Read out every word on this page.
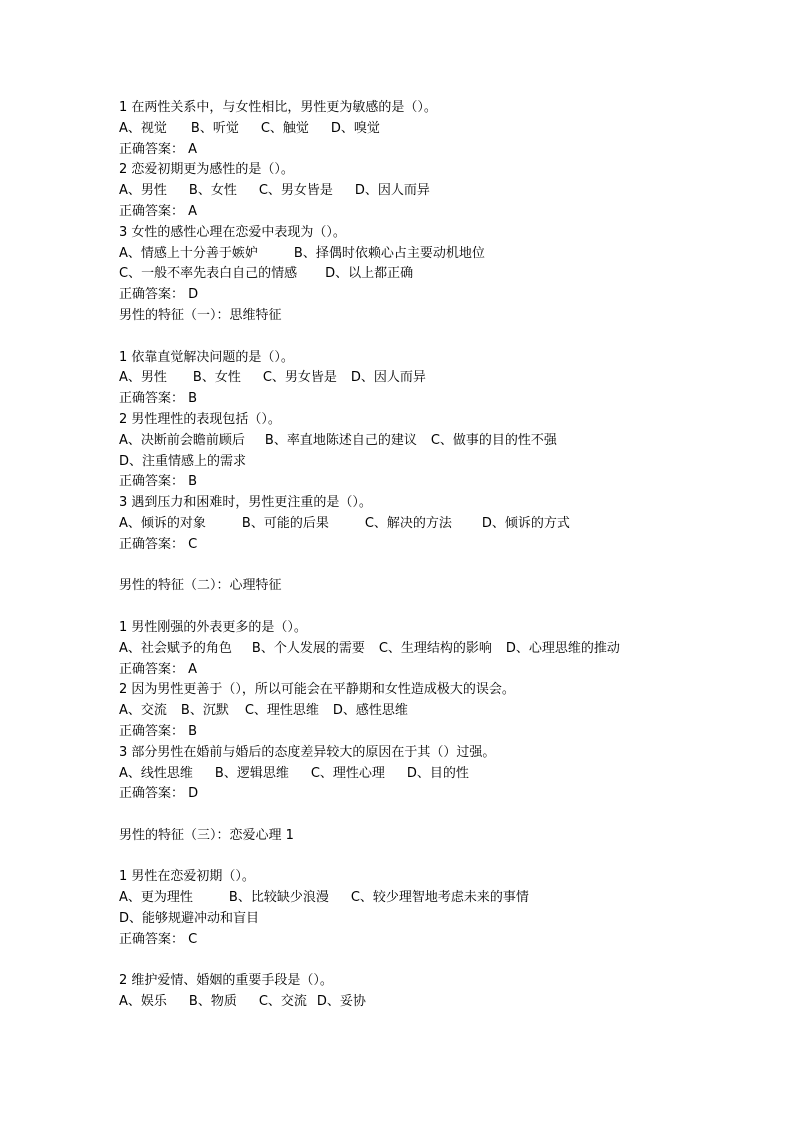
1 在两性关系中，与女性相比，男性更为敏感的是（）。
A、视觉 B、听觉 C、触觉 D、嗅觉
正确答案： A
2 恋爱初期更为感性的是（）。
A、男性 B、女性 C、男女皆是 D、因人而异
正确答案： A
3 女性的感性心理在恋爱中表现为（）。
A、情感上十分善于嫉妒	B、择偶时依赖心占主要动机地位
C、一般不率先表白自己的情感 D、以上都正确
正确答案： D
男性的特征（一）：思维特征
1 依靠直觉解决问题的是（）。
A、男性 B、女性 C、男女皆是 D、因人而异
正确答案： B
2 男性理性的表现包括（）。
A、决断前会瞻前顾后 B、率直地陈述自己的建议 C、做事的目的性不强
D、注重情感上的需求
正确答案： B
3 遇到压力和困难时，男性更注重的是（）。
A、倾诉的对象	B、可能的后果	C、解决的方法 D、倾诉的方式
正确答案： C
男性的特征（二）：心理特征
1 男性刚强的外表更多的是（）。
A、社会赋予的角色 B、个人发展的需要 C、生理结构的影响 D、心理思维的推动
正确答案： A
2 因为男性更善于（），所以可能会在平静期和女性造成极大的误会。
A、交流 B、沉默 C、理性思维 D、感性思维
正确答案： B
3 部分男性在婚前与婚后的态度差异较大的原因在于其（）过强。
A、线性思维 B、逻辑思维 C、理性心理 D、目的性
正确答案： D
男性的特征（三）：恋爱心理 1
1 男性在恋爱初期（）。
A、更为理性	B、比较缺少浪漫 C、较少理智地考虑未来的事情
D、能够规避冲动和盲目
正确答案： C
2 维护爱情、婚姻的重要手段是（）。
A、娱乐 B、物质 C、交流 D、妥协
